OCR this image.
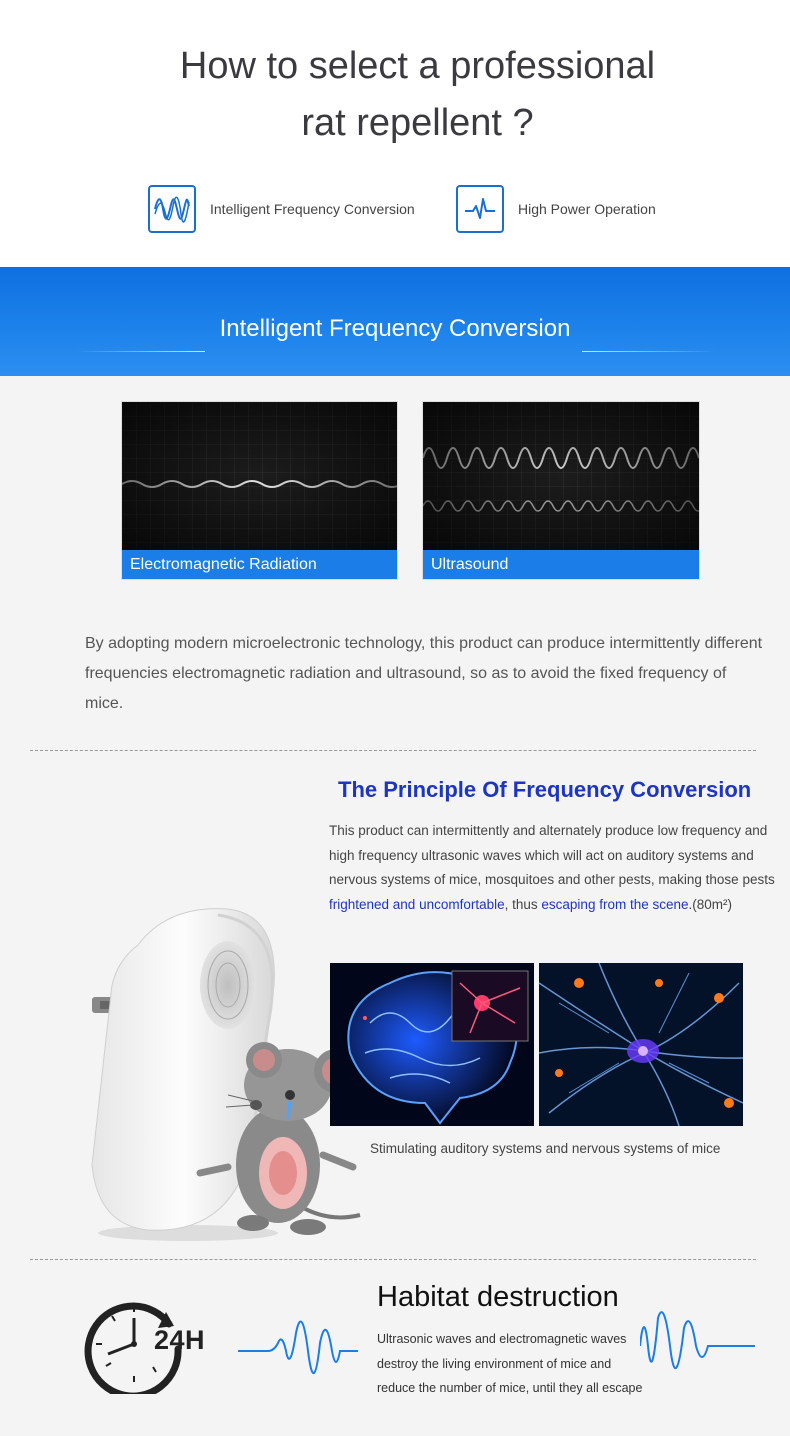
How to select a professional
rat repellent ?
Intelligent Frequency Conversion	High Power Operation
Intelligent Frequency Conversion
Electromagnetic Radiation	Ultrasound

By adopting modern microelectronic technology, this product can produce intermittently different frequencies electromagnetic radiation and ultrasound, so as to avoid the fixed frequency of mice.

The Principle Of Frequency Conversion

This product can intermittently and alternately produce low frequency and high frequency ultrasonic waves which will act on auditory systems and nervous systems of mice, mosquitoes and other pests, making those pests frightened and uncomfortable, thus escaping from the scene.(80m²)

Stimulating auditory systems and nervous systems of mice
24H
Habitat destruction

Ultrasonic waves and electromagnetic waves destroy the living environment of mice and reduce the number of mice, until they all escape
